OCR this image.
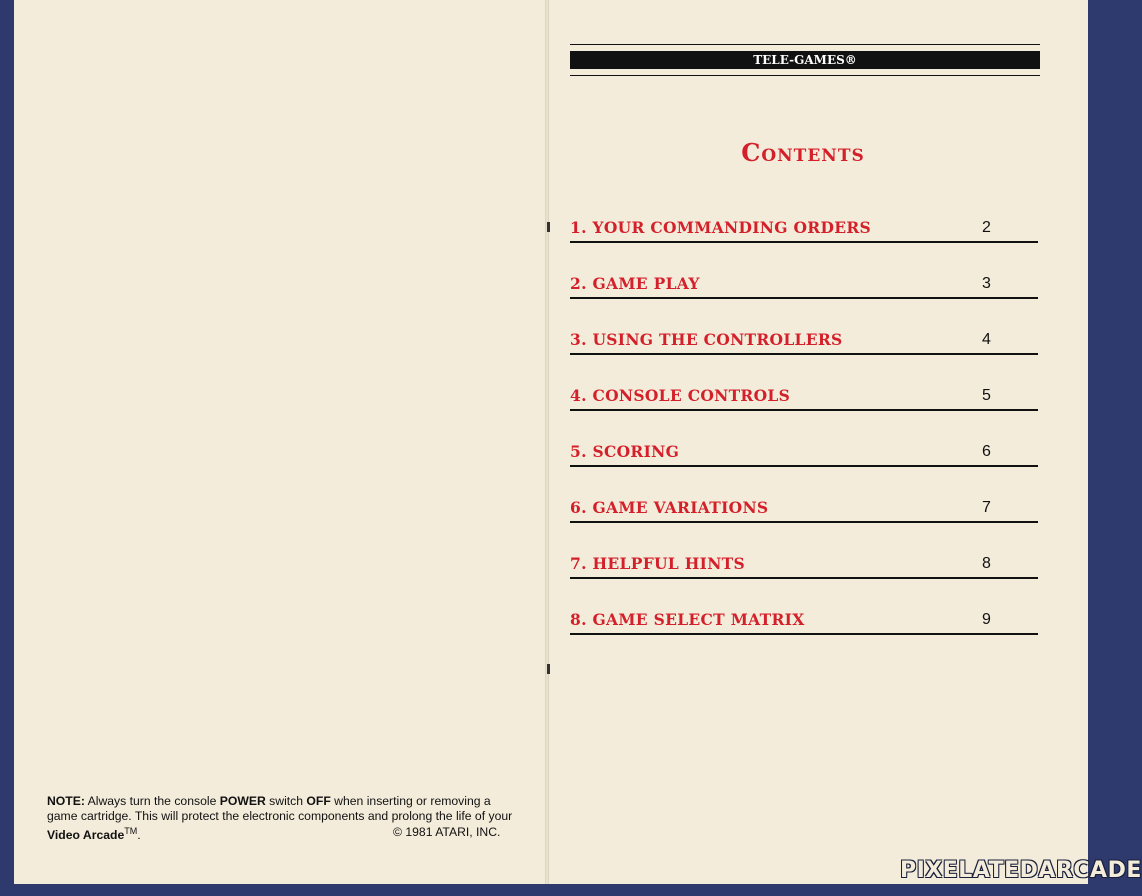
NOTE: Always turn the console POWER switch OFF when inserting or removing a game cartridge. This will protect the electronic components and prolong the life of your Video Arcade™.	© 1981 ATARI, INC.
TELE-GAMES®
Contents
1. YOUR COMMANDING ORDERS	2
2. GAME PLAY	3
3. USING THE CONTROLLERS	4
4. CONSOLE CONTROLS	5
5. SCORING	6
6. GAME VARIATIONS	7
7. HELPFUL HINTS	8
8. GAME SELECT MATRIX	9
PIXELATEDARCADE
